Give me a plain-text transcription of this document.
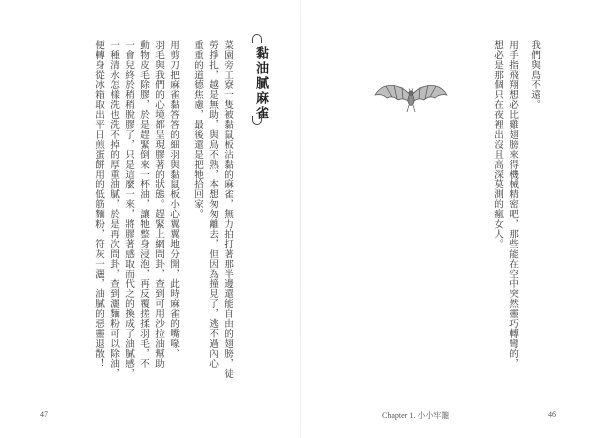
黏油膩麻雀
菜園旁工寮一隻被黏鼠板沾黏的麻雀，無力拍打著那半邊還能自由的翅膀，徒
勞掙扎，越是無助，與鳥不熟，本想匆匆離去，但因為撞見了，逃不過內心
重重的道德焦慮，最後還是把牠拾回家。
用剪刀把麻雀黏答答的細羽與黏鼠板小心翼翼地分開，此時麻雀的嘴喙、
羽毛與我們的心境都呈現膠著的狀態。趕緊上網問卦，查到可用沙拉油幫助
動物皮毛除膠，於是趕緊倒來一杯油，讓牠整身浸泡，再反覆搓揉羽毛，不
一會兒終於稍稍脫膠了，只是這麼一來，將膠著感取而代之的換成了油膩感，
一種清水怎樣洗也洗不掉的厚重油膩，於是再次問卦，查到灑麵粉可以除油，
便轉身從冰箱取出平日煎蛋餅用的低筋麵粉，符灰一灑，油膩的惡靈退散！
47
我們與鳥不遠。
用手指飛翔想必比雞翅膀來得機械精密吧，那些能在空中突然靈巧轉彎的，
想必是那個只在夜裡出沒且高深莫測的瘋女人。
Chapter 1. 小小牢籠	46
